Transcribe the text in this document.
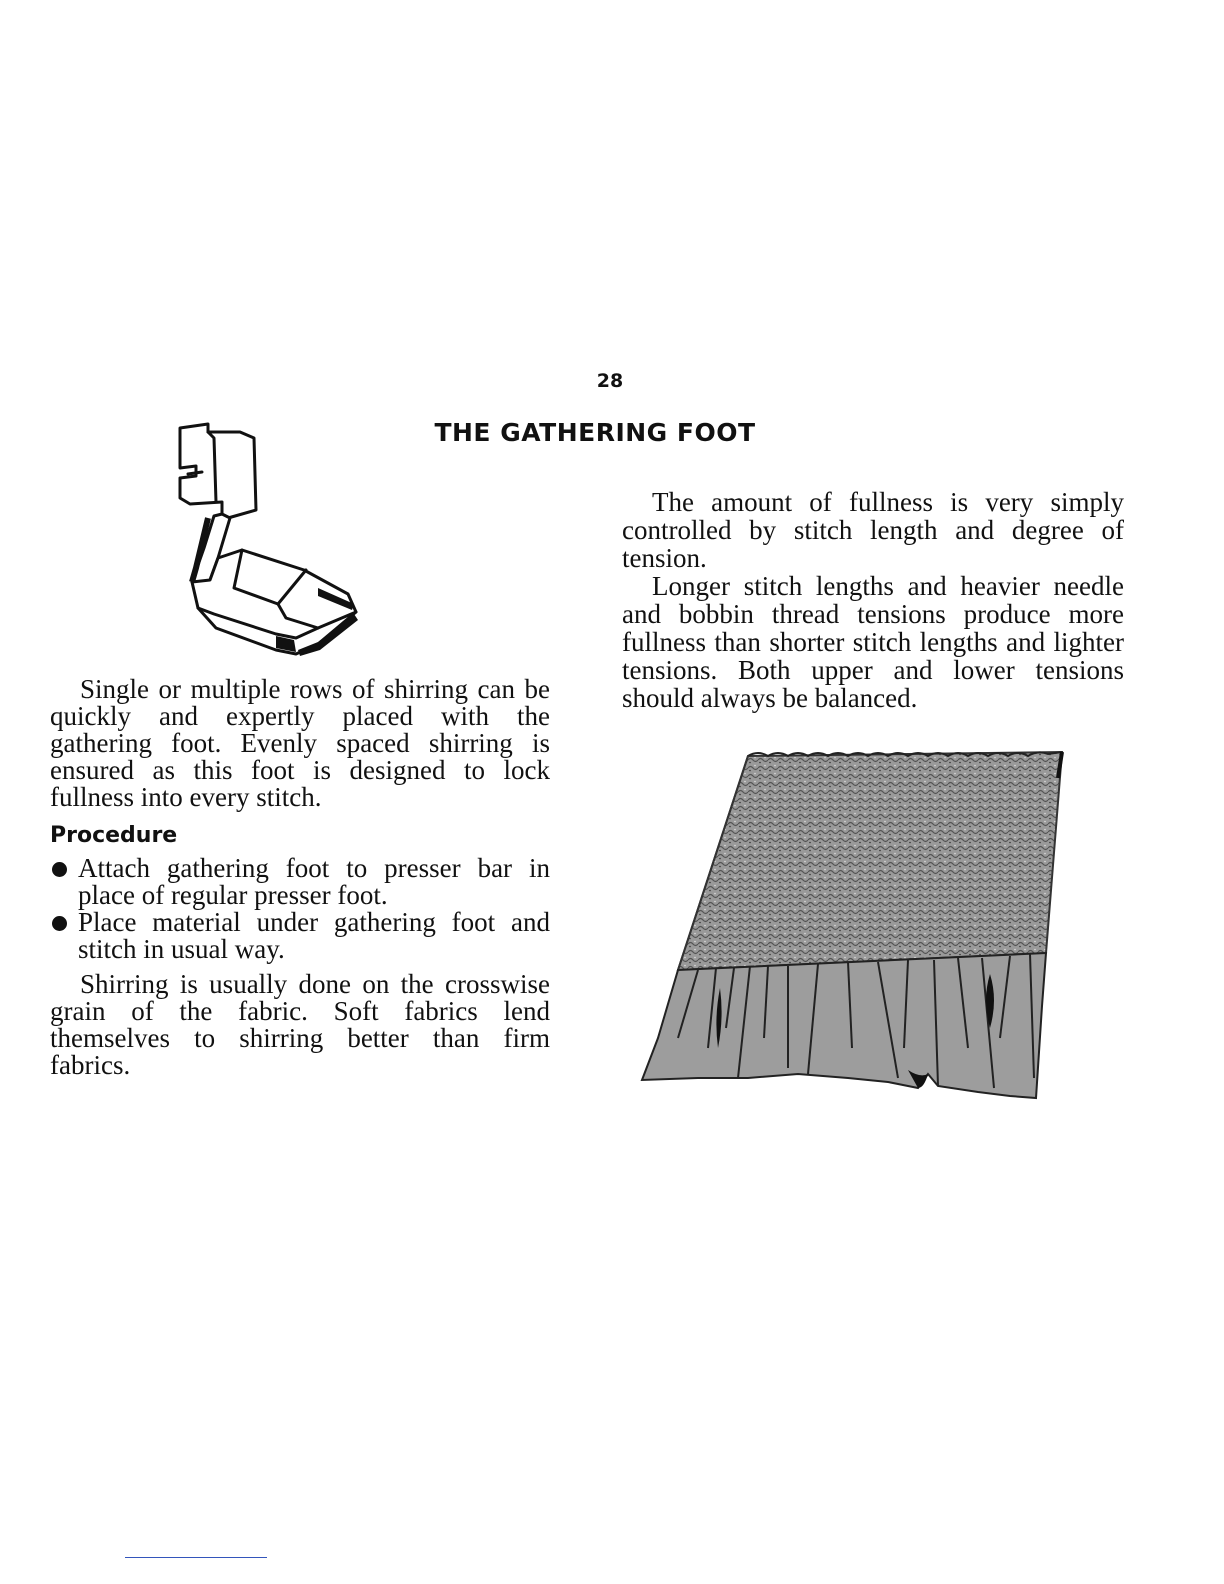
28
THE GATHERING FOOT

Single or multiple rows of shirring can be quickly and expertly placed with the gathering foot. Evenly spaced shirring is ensured as this foot is designed to lock fullness into every stitch.

Procedure
Attach gathering foot to presser bar in place of regular presser foot.
Place material under gathering foot and stitch in usual way.

Shirring is usually done on the crosswise grain of the fabric. Soft fabrics lend themselves to shirring better than firm fabrics.

The amount of fullness is very simply controlled by stitch length and degree of tension.

Longer stitch lengths and heavier needle and bobbin thread tensions produce more fullness than shorter stitch lengths and lighter tensions. Both upper and lower tensions should always be balanced.
